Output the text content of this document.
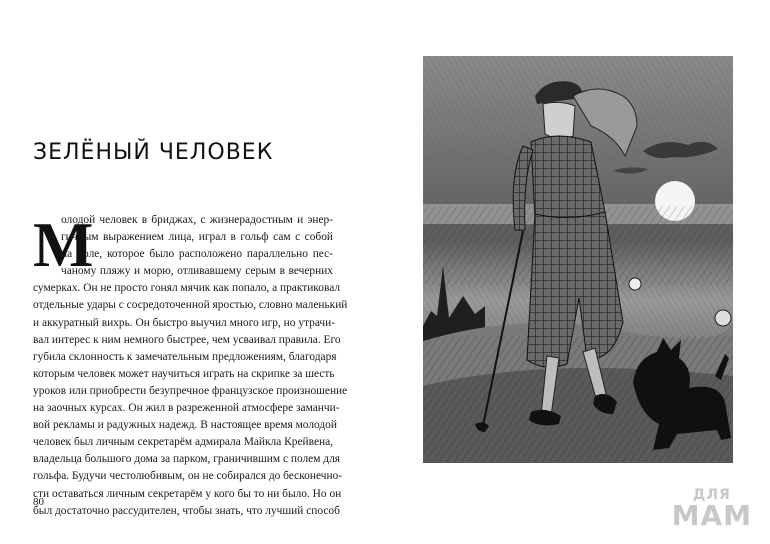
ЗЕЛЁНЫЙ ЧЕЛОВЕК
М
олодой человек в бриджах, с жизнерадостным и энер-
гичным выражением лица, играл в гольф сам с собой
на поле, которое было расположено параллельно пес-
чаному пляжу и морю, отливавшему серым в вечерних
сумерках. Он не просто гонял мячик как попало, а практиковал
отдельные удары с сосредоточенной яростью, словно маленький
и аккуратный вихрь. Он быстро выучил много игр, но утрачи-
вал интерес к ним немного быстрее, чем усваивал правила. Его
губила склонность к замечательным предложениям, благодаря
которым человек может научиться играть на скрипке за шесть
уроков или приобрести безупречное французское произношение
на заочных курсах. Он жил в разреженной атмосфере заманчи-
вой рекламы и радужных надежд. В настоящее время молодой
человек был личным секретарём адмирала Майкла Крейвена,
владельца большого дома за парком, граничившим с полем для
гольфа. Будучи честолюбивым, он не собирался до бесконечно-
сти оставаться личным секретарём у кого бы то ни было. Но он
был достаточно рассудителен, чтобы знать, что лучший способ
80	ДЛЯ
МАМ
